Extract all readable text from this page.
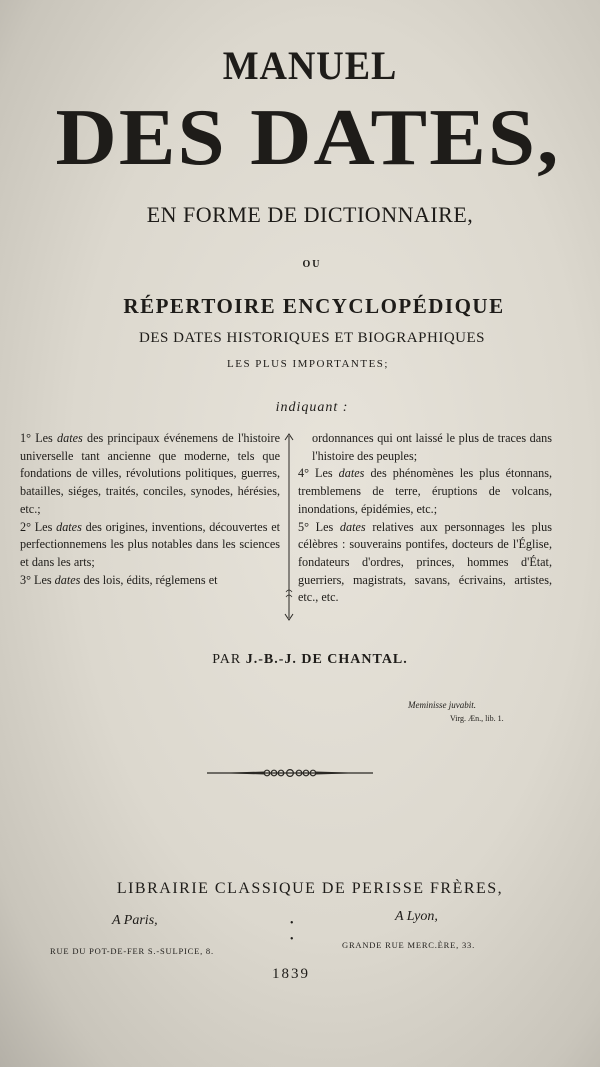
MANUEL
DES DATES,
EN FORME DE DICTIONNAIRE,
OU
RÉPERTOIRE ENCYCLOPÉDIQUE
DES DATES HISTORIQUES ET BIOGRAPHIQUES
LES PLUS IMPORTANTES;
indiquant :

1° Les dates des principaux événemens de l'histoire universelle tant ancienne que moderne, tels que fondations de villes, révolutions politiques, guerres, batailles, siéges, traités, conciles, synodes, hérésies, etc.;

2° Les dates des origines, inventions, découvertes et perfectionnemens les plus notables dans les sciences et dans les arts;

3° Les dates des lois, édits, réglemens et

ordonnances qui ont laissé le plus de traces dans l'histoire des peuples;

4° Les dates des phénomènes les plus étonnans, tremblemens de terre, éruptions de volcans, inondations, épidémies, etc.;

5° Les dates relatives aux personnages les plus célèbres : souverains pontifes, docteurs de l'Église, fondateurs d'ordres, princes, hommes d'État, guerriers, magistrats, savans, écrivains, artistes, etc., etc.

PAR J.-B.-J. DE CHANTAL.
Meminisse juvabit.
Virg. Æn., lib. 1.
LIBRAIRIE CLASSIQUE DE PERISSE FRÈRES,
A Paris,	•
•
A Lyon,
RUE DU POT-DE-FER S.-SULPICE, 8.
GRANDE RUE MERC.ÈRE, 33.
1839
